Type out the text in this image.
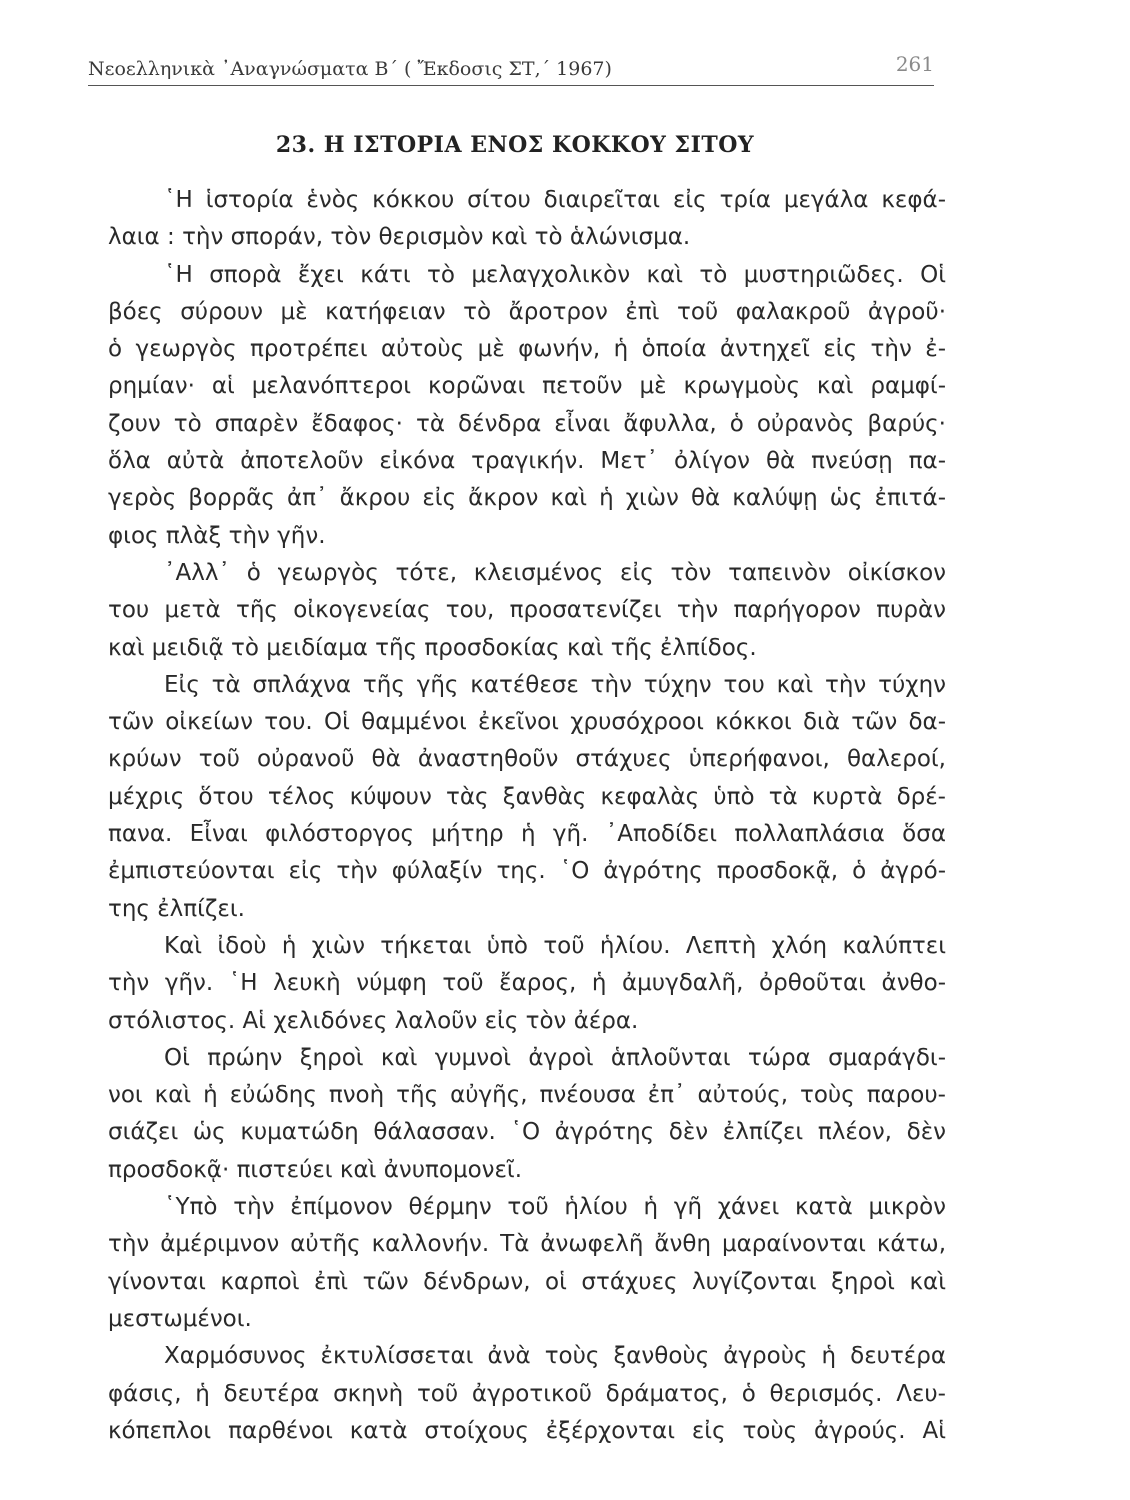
Νεοελληνικὰ ᾿Αναγνώσματα Β΄ ( Ἔκδοσις ΣΤ,΄ 1967)	261
23. Η ΙΣΤΟΡΙΑ ΕΝΟΣ ΚΟΚΚΟΥ ΣΙΤΟΥ
῾Η ἱστορία ἑνὸς κόκκου σίτου διαιρεῖται εἰς τρία μεγάλα κεφά-
λαια : τὴν σποράν, τὸν θερισμὸν καὶ τὸ ἁλώνισμα.
῾Η σπορὰ ἔχει κάτι τὸ μελαγχολικὸν καὶ τὸ μυστηριῶδες. Οἱ
βόες σύρουν μὲ κατήφειαν τὸ ἄροτρον ἐπὶ τοῦ φαλακροῦ ἀγροῦ·
ὁ γεωργὸς προτρέπει αὐτοὺς μὲ φωνήν, ἡ ὁποία ἀντηχεῖ εἰς τὴν ἐ-
ρημίαν· αἱ μελανόπτεροι κορῶναι πετοῦν μὲ κρωγμοὺς καὶ ραμφί-
ζουν τὸ σπαρὲν ἔδαφος· τὰ δένδρα εἶναι ἄφυλλα, ὁ οὐρανὸς βαρύς·
ὅλα αὐτὰ ἀποτελοῦν εἰκόνα τραγικήν. Μετ᾿ ὀλίγον θὰ πνεύσῃ πα-
γερὸς βορρᾶς ἀπ᾿ ἄκρου εἰς ἄκρον καὶ ἡ χιὼν θὰ καλύψῃ ὡς ἐπιτά-
φιος πλὰξ τὴν γῆν.
᾿Αλλ᾿ ὁ γεωργὸς τότε, κλεισμένος εἰς τὸν ταπεινὸν οἰκίσκον
του μετὰ τῆς οἰκογενείας του, προσατενίζει τὴν παρήγορον πυρὰν
καὶ μειδιᾷ τὸ μειδίαμα τῆς προσδοκίας καὶ τῆς ἐλπίδος.
Εἰς τὰ σπλάχνα τῆς γῆς κατέθεσε τὴν τύχην του καὶ τὴν τύχην
τῶν οἰκείων του. Οἱ θαμμένοι ἐκεῖνοι χρυσόχροοι κόκκοι διὰ τῶν δα-
κρύων τοῦ οὐρανοῦ θὰ ἀναστηθοῦν στάχυες ὑπερήφανοι, θαλεροί,
μέχρις ὅτου τέλος κύψουν τὰς ξανθὰς κεφαλὰς ὑπὸ τὰ κυρτὰ δρέ-
πανα. Εἶναι φιλόστοργος μήτηρ ἡ γῆ. ᾿Αποδίδει πολλαπλάσια ὅσα
ἐμπιστεύονται εἰς τὴν φύλαξίν της. ῾Ο ἀγρότης προσδοκᾷ, ὁ ἀγρό-
της ἐλπίζει.
Καὶ ἰδοὺ ἡ χιὼν τήκεται ὑπὸ τοῦ ἡλίου. Λεπτὴ χλόη καλύπτει
τὴν γῆν. ῾Η λευκὴ νύμφη τοῦ ἔαρος, ἡ ἀμυγδαλῆ, ὀρθοῦται ἀνθο-
στόλιστος. Αἱ χελιδόνες λαλοῦν εἰς τὸν ἀέρα.
Οἱ πρώην ξηροὶ καὶ γυμνοὶ ἀγροὶ ἁπλοῦνται τώρα σμαράγδι-
νοι καὶ ἡ εὐώδης πνοὴ τῆς αὐγῆς, πνέουσα ἐπ᾿ αὐτούς, τοὺς παρου-
σιάζει ὡς κυματώδη θάλασσαν. ῾Ο ἀγρότης δὲν ἐλπίζει πλέον, δὲν
προσδοκᾷ· πιστεύει καὶ ἀνυπομονεῖ.
῾Υπὸ τὴν ἐπίμονον θέρμην τοῦ ἡλίου ἡ γῆ χάνει κατὰ μικρὸν
τὴν ἀμέριμνον αὐτῆς καλλονήν. Τὰ ἀνωφελῆ ἄνθη μαραίνονται κάτω,
γίνονται καρποὶ ἐπὶ τῶν δένδρων, οἱ στάχυες λυγίζονται ξηροὶ καὶ
μεστωμένοι.
Χαρμόσυνος ἐκτυλίσσεται ἀνὰ τοὺς ξανθοὺς ἀγροὺς ἡ δευτέρα
φάσις, ἡ δευτέρα σκηνὴ τοῦ ἀγροτικοῦ δράματος, ὁ θερισμός. Λευ-
κόπεπλοι παρθένοι κατὰ στοίχους ἐξέρχονται εἰς τοὺς ἀγρούς. Αἱ
